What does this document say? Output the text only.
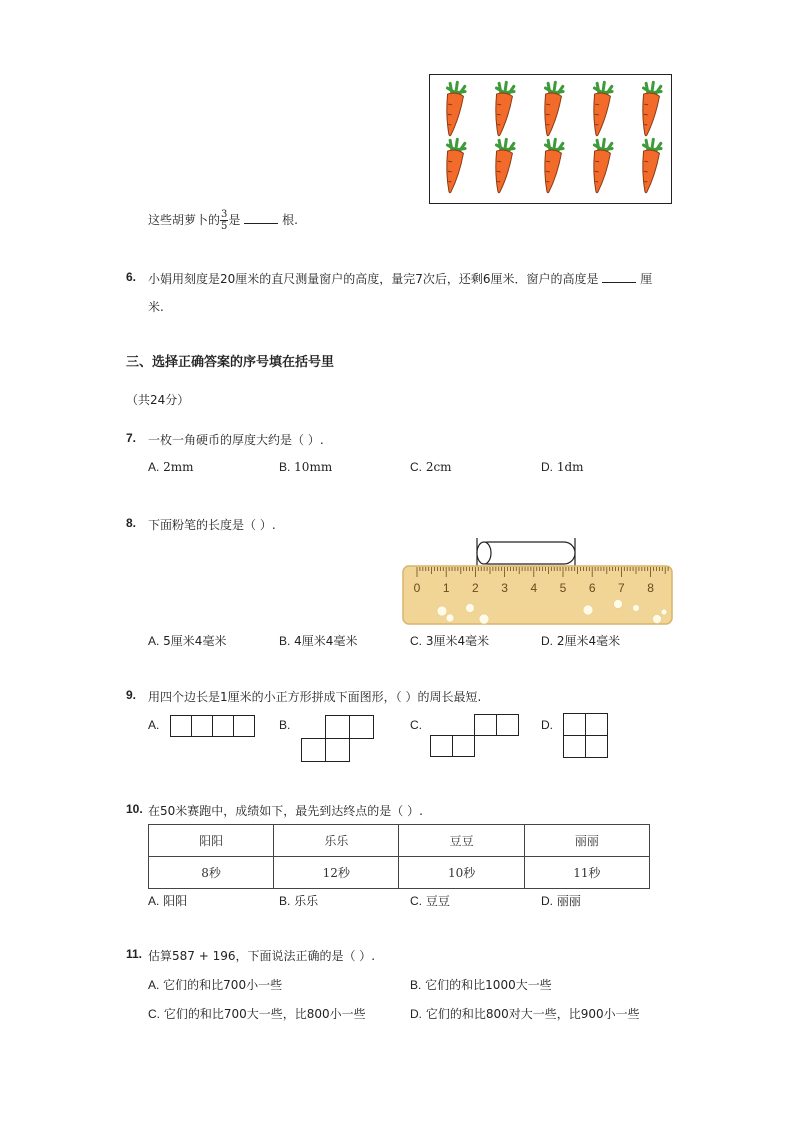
这些胡萝卜的 $\frac{3}{5}$ 是	根.
6. 小娟用刻度是20厘米的直尺测量窗户的高度，量完7次后，还剩6厘米．窗户的高度是	厘
米.
三、选择正确答案的序号填在括号里
（共24分）
7. 一枚一角硬币的厚度大约是（ ）.
A. 2mm	B. 10mm	C. 2cm	D. 1dm
8. 下面粉笔的长度是（ ）.
0 1 2 3 4 5 6 7 8
A. 5厘米4毫米	B. 4厘米4毫米	C. 3厘米4毫米	D. 2厘米4毫米
9. 用四个边长是1厘米的小正方形拼成下面图形，（ ）的周长最短.
A.	B.	C.	D.
10. 在50米赛跑中，成绩如下，最先到达终点的是（ ）.
阳阳	乐乐	豆豆	丽丽
8秒	12秒	10秒	11秒
A. 阳阳	B. 乐乐	C. 豆豆	D. 丽丽
11. 估算587 + 196，下面说法正确的是（ ）.
A. 它们的和比700小一些	B. 它们的和比1000大一些
C. 它们的和比700大一些，比800小一些	D. 它们的和比800对大一些，比900小一些
